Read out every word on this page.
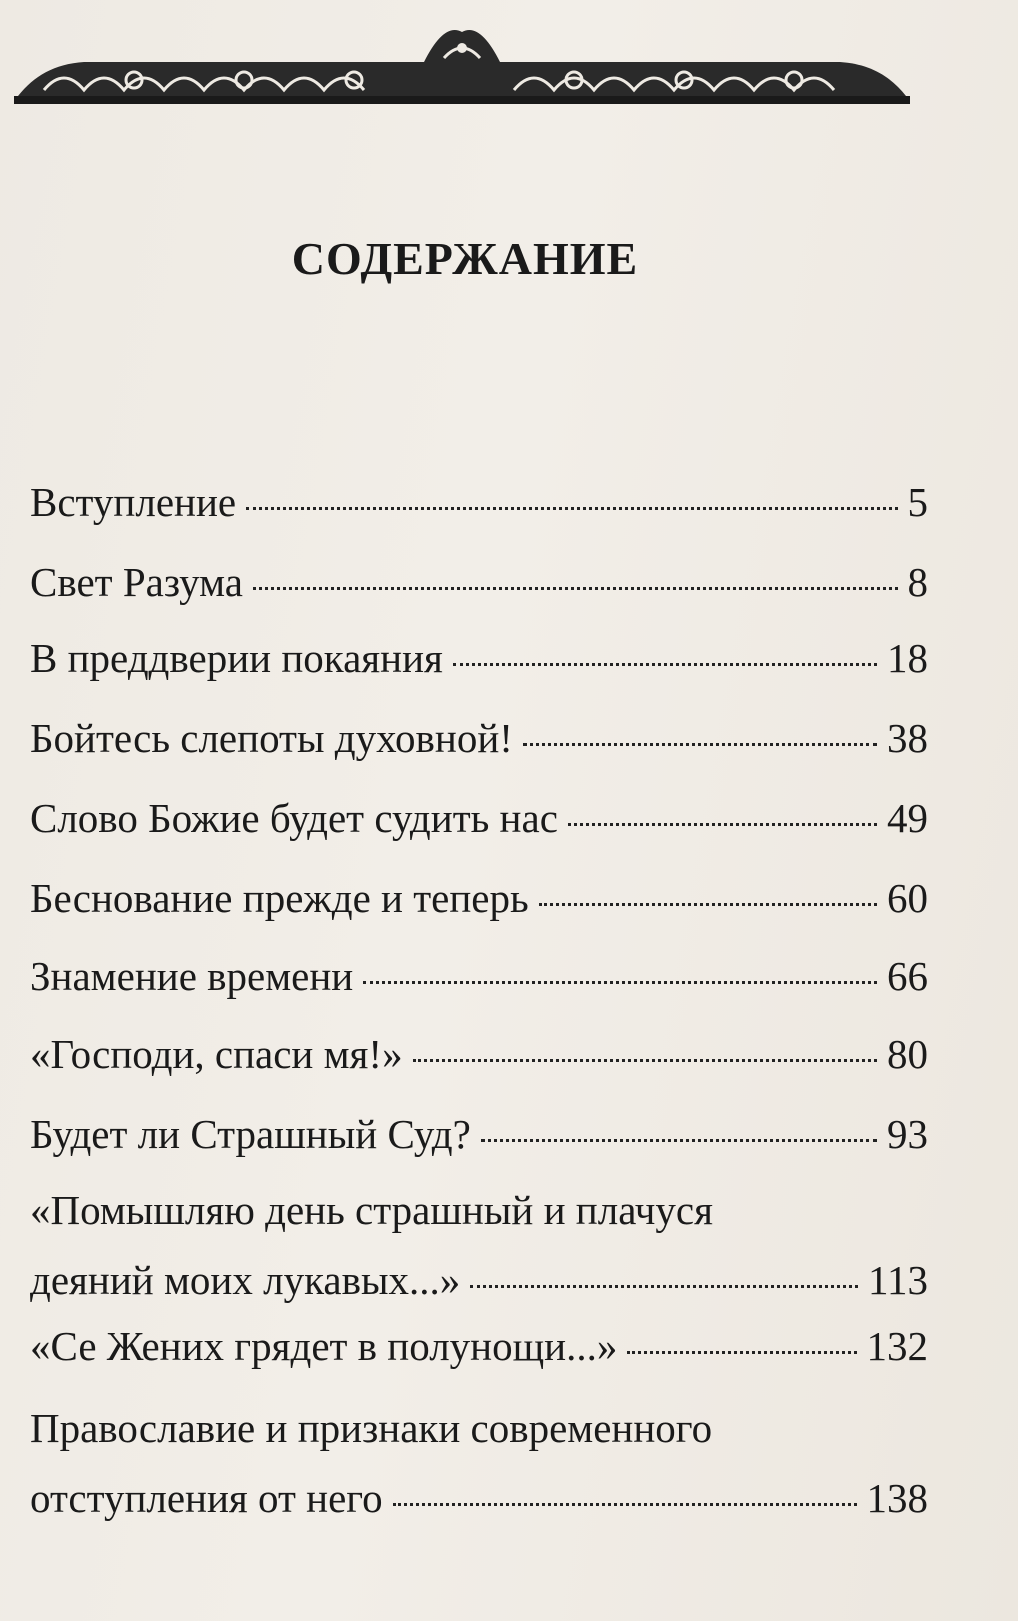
СОДЕРЖАНИЕ
Вступление	5
Свет Разума	8
В преддверии покаяния	18
Бойтесь слепоты духовной!	38
Слово Божие будет судить нас	49
Беснование прежде и теперь	60
Знамение времени	66
«Господи, спаси мя!»	80
Будет ли Страшный Суд?	93
«Помышляю день страшный и плачуся
деяний моих лукавых...»	113
«Се Жених грядет в полунощи...»	132
Православие и признаки современного
отступления от него	138
